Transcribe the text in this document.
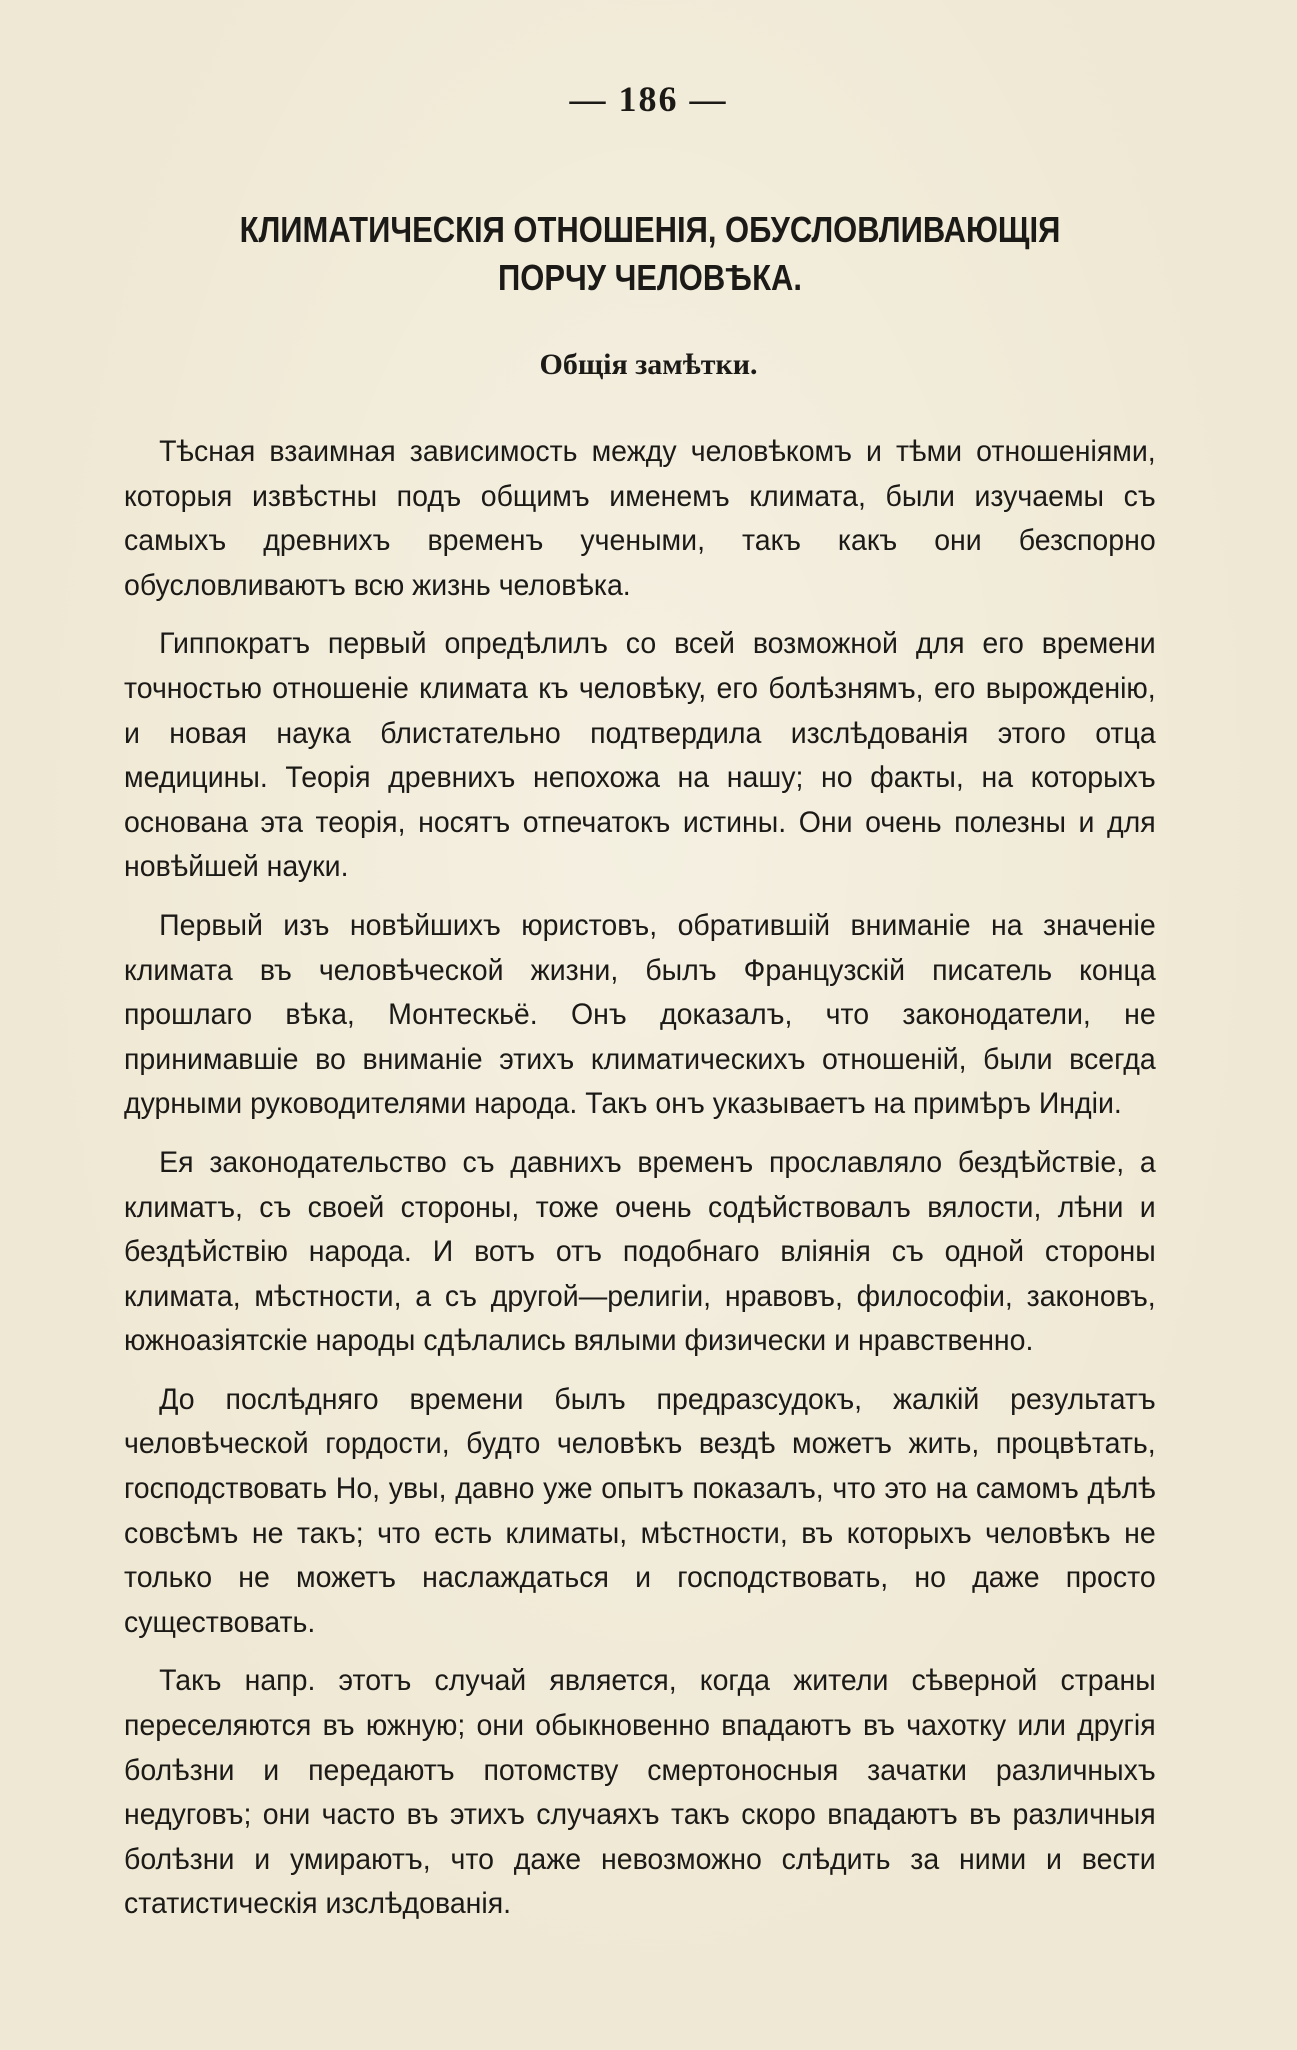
— 186 —
КЛИМАТИЧЕСКІЯ ОТНОШЕНІЯ, ОБУСЛОВЛИВАЮЩІЯ ПОРЧУ ЧЕЛОВѢКА.
Общія замѣтки.

Тѣсная взаимная зависимость между человѣкомъ и тѣми отношеніями, которыя извѣстны подъ общимъ именемъ климата, были изучаемы съ самыхъ древнихъ временъ учеными, такъ какъ они безспорно обусловливаютъ всю жизнь человѣка.

Гиппократъ первый опредѣлилъ со всей возможной для его времени точностью отношеніе климата къ человѣку, его болѣзнямъ, его вырожденію, и новая наука блистательно подтвердила изслѣдованія этого отца медицины. Теорія древнихъ непохожа на нашу; но факты, на которыхъ основана эта теорія, носятъ отпечатокъ истины. Они очень полезны и для новѣйшей науки.

Первый изъ новѣйшихъ юристовъ, обратившій вниманіе на значеніе климата въ человѣческой жизни, былъ Французскій писатель конца прошлаго вѣка, Монтескьё. Онъ доказалъ, что законодатели, не принимавшіе во вниманіе этихъ климатическихъ отношеній, были всегда дурными руководителями народа. Такъ онъ указываетъ на примѣръ Индіи.

Ея законодательство съ давнихъ временъ прославляло бездѣйствіе, а климатъ, съ своей стороны, тоже очень содѣйствовалъ вялости, лѣни и бездѣйствію народа. И вотъ отъ подобнаго вліянія съ одной стороны климата, мѣстности, а съ другой—религіи, нравовъ, философіи, законовъ, южноазіятскіе народы сдѣлались вялыми физически и нравственно.

До послѣдняго времени былъ предразсудокъ, жалкій результатъ человѣческой гордости, будто человѣкъ вездѣ можетъ жить, процвѣтать, господствовать Но, увы, давно уже опытъ показалъ, что это на самомъ дѣлѣ совсѣмъ не такъ; что есть климаты, мѣстности, въ которыхъ человѣкъ не только не можетъ наслаждаться и господствовать, но даже просто существовать.

Такъ напр. этотъ случай является, когда жители сѣверной страны переселяются въ южную; они обыкновенно впадаютъ въ чахотку или другія болѣзни и передаютъ потомству смертоносныя зачатки различныхъ недуговъ; они часто въ этихъ случаяхъ такъ скоро впадаютъ въ различныя болѣзни и умираютъ, что даже невозможно слѣдить за ними и вести статистическія изслѣдованія.
